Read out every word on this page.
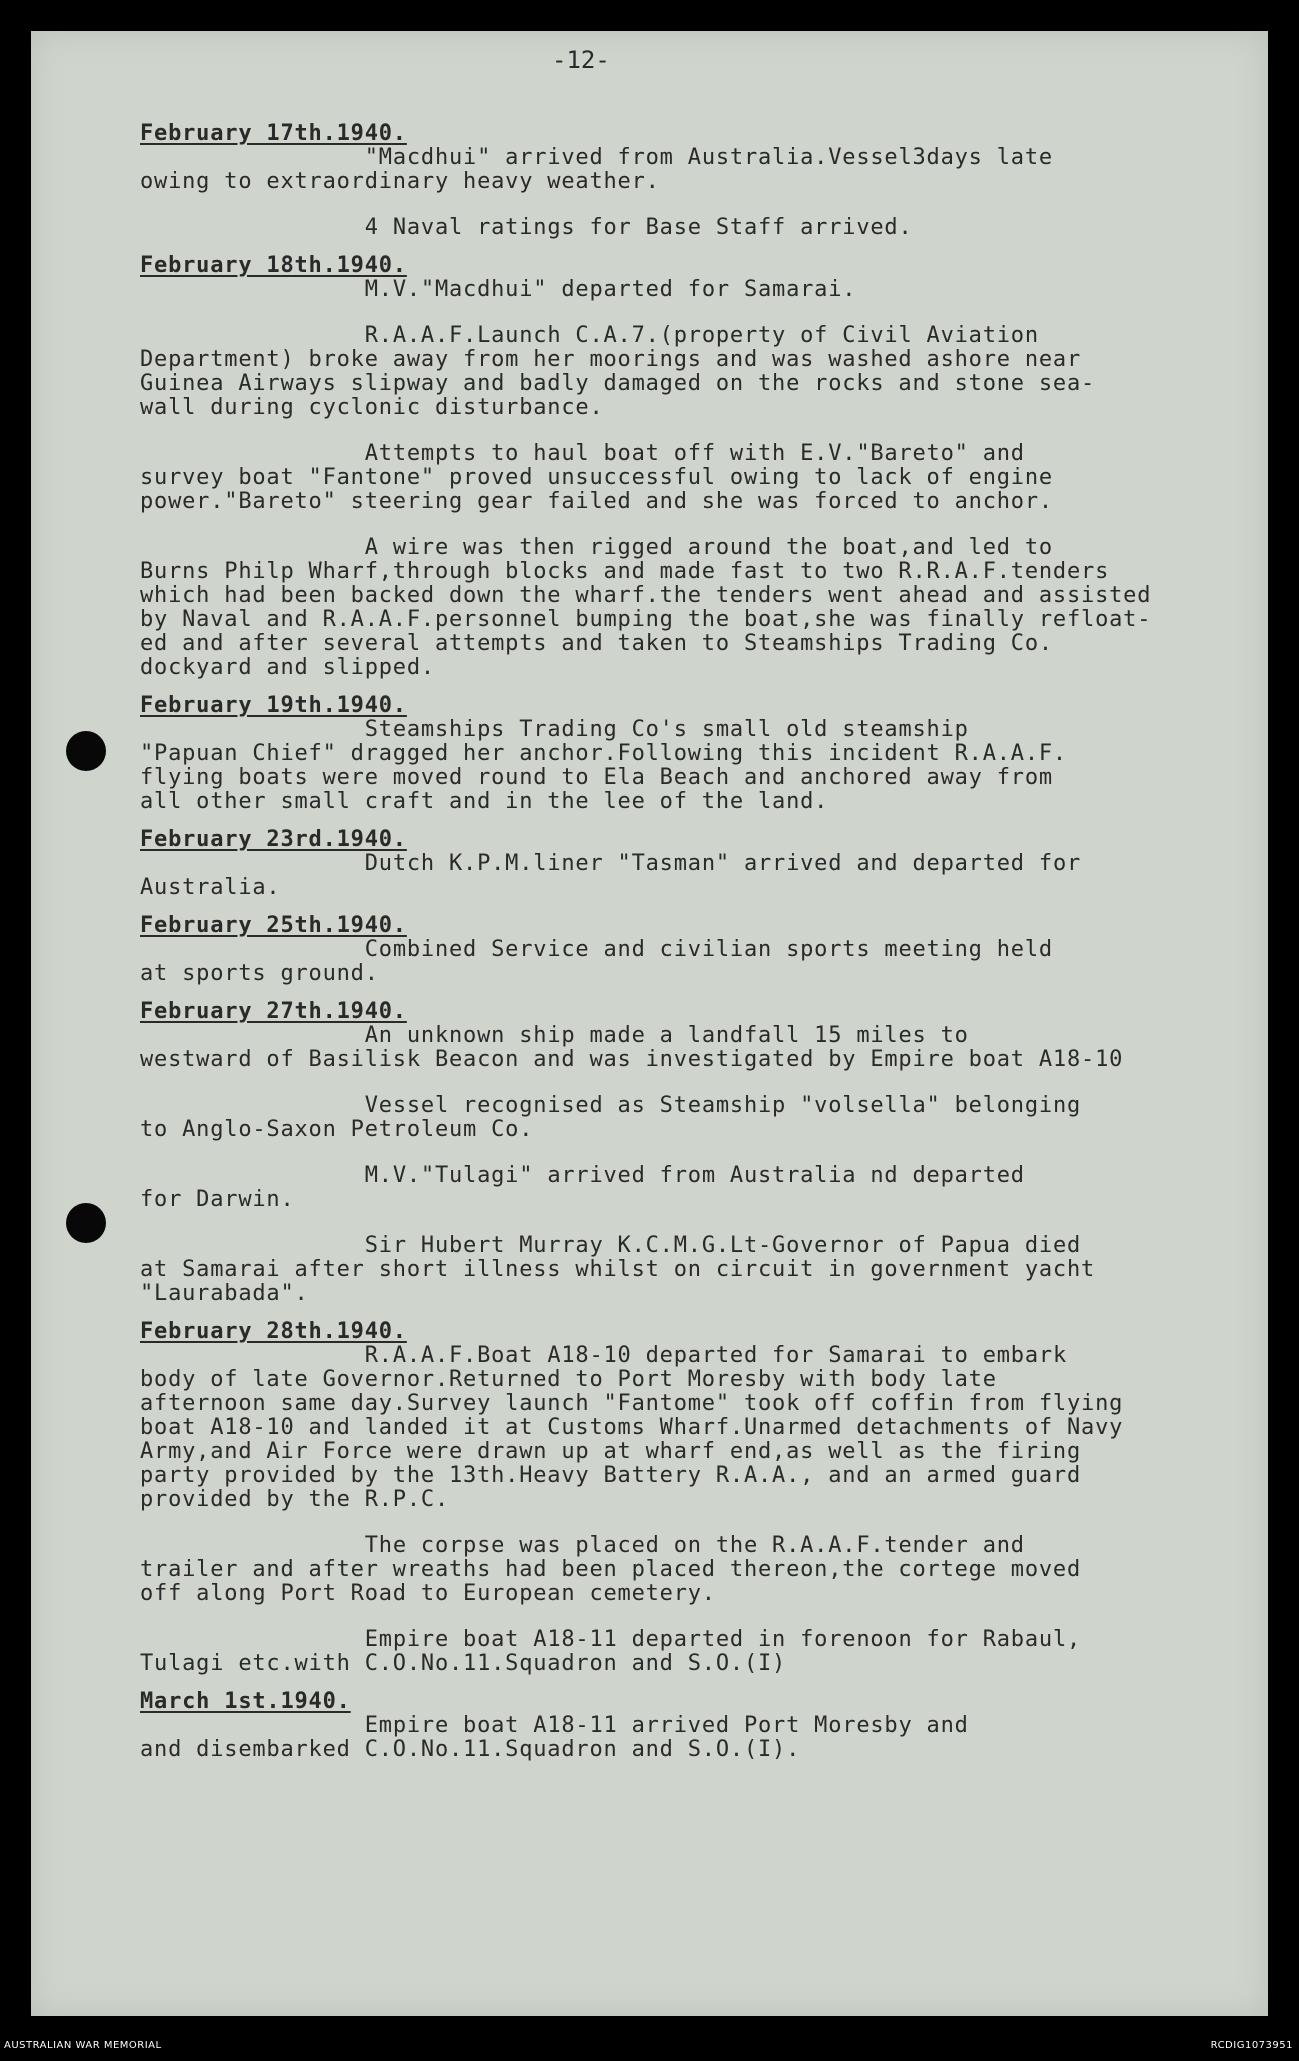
-12-

February 17th.1940.

"Macdhui" arrived from Australia.Vessel3days late
owing to extraordinary heavy weather.

4 Naval ratings for Base Staff arrived.

February 18th.1940.

M.V."Macdhui" departed for Samarai.

R.A.A.F.Launch C.A.7.(property of Civil Aviation
Department) broke away from her moorings and was washed ashore near
Guinea Airways slipway and badly damaged on the rocks and stone sea-
wall during cyclonic disturbance.

Attempts to haul boat off with E.V."Bareto" and
survey boat "Fantone" proved unsuccessful owing to lack of engine
power."Bareto" steering gear failed and she was forced to anchor.

A wire was then rigged around the boat,and led to
Burns Philp Wharf,through blocks and made fast to two R.R.A.F.tenders
which had been backed down the wharf.the tenders went ahead and assisted
by Naval and R.A.A.F.personnel bumping the boat,she was finally refloat-
ed and after several attempts and taken to Steamships Trading Co.
dockyard and slipped.

February 19th.1940.

Steamships Trading Co's small old steamship
"Papuan Chief" dragged her anchor.Following this incident R.A.A.F.
flying boats were moved round to Ela Beach and anchored away from
all other small craft and in the lee of the land.

February 23rd.1940.

Dutch K.P.M.liner "Tasman" arrived and departed for
Australia.

February 25th.1940.

Combined Service and civilian sports meeting held
at sports ground.

February 27th.1940.

An unknown ship made a landfall 15 miles to
westward of Basilisk Beacon and was investigated by Empire boat A18-10

Vessel recognised as Steamship "volsella" belonging
to Anglo-Saxon Petroleum Co.

M.V."Tulagi" arrived from Australia nd departed
for Darwin.

Sir Hubert Murray K.C.M.G.Lt-Governor of Papua died
at Samarai after short illness whilst on circuit in government yacht
"Laurabada".

February 28th.1940.

R.A.A.F.Boat A18-10 departed for Samarai to embark
body of late Governor.Returned to Port Moresby with body late
afternoon same day.Survey launch "Fantome" took off coffin from flying
boat A18-10 and landed it at Customs Wharf.Unarmed detachments of Navy
Army,and Air Force were drawn up at wharf end,as well as the firing
party provided by the 13th.Heavy Battery R.A.A., and an armed guard
provided by the R.P.C.

The corpse was placed on the R.A.A.F.tender and
trailer and after wreaths had been placed thereon,the cortege moved
off along Port Road to European cemetery.

Empire boat A18-11 departed in forenoon for Rabaul,
Tulagi etc.with C.O.No.11.Squadron and S.O.(I)

March 1st.1940.

Empire boat A18-11 arrived Port Moresby and
and disembarked C.O.No.11.Squadron and S.O.(I).

AUSTRALIAN WAR MEMORIAL	RCDIG1073951
